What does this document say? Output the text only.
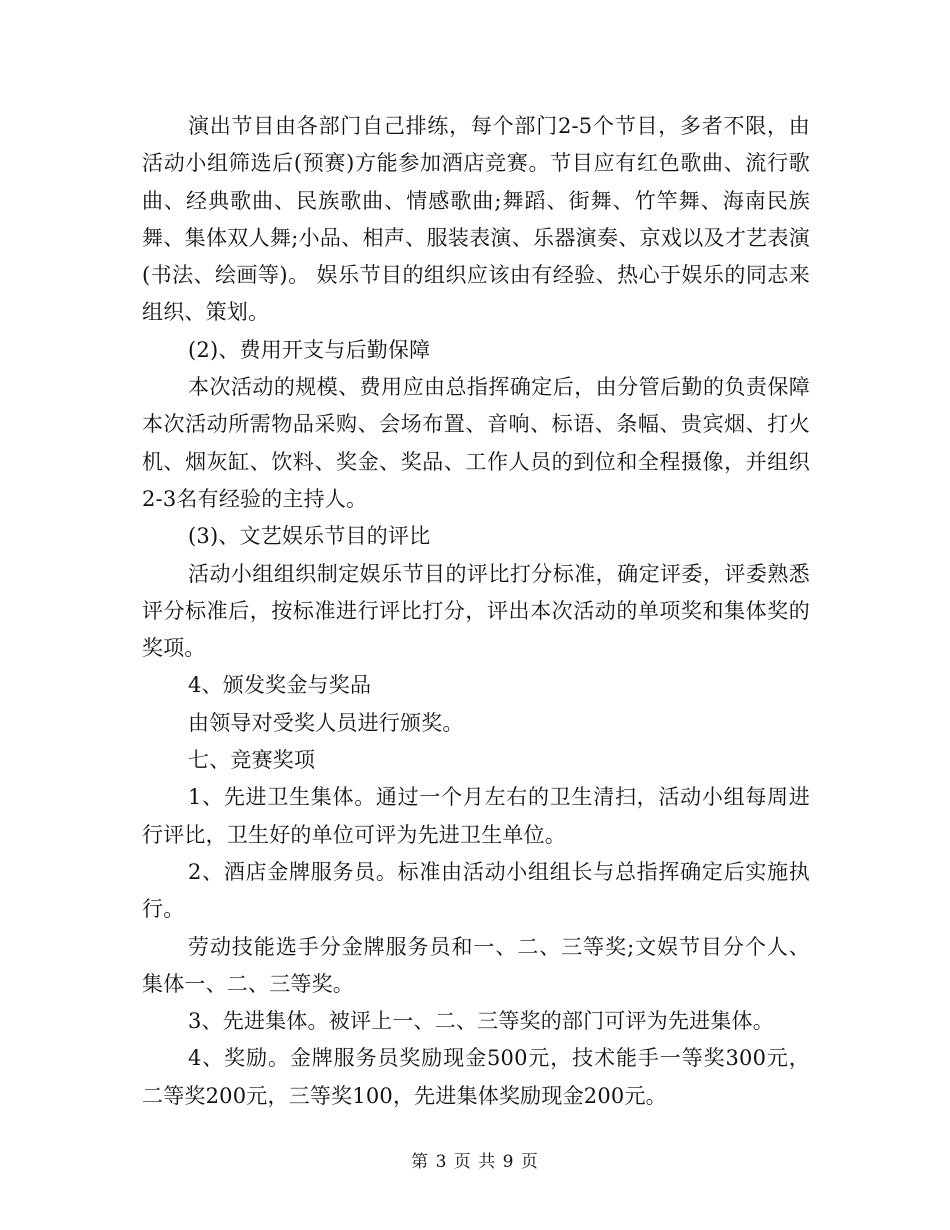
演出节目由各部门自己排练，每个部门2-5个节目，多者不限，由活动小组筛选后(预赛)方能参加酒店竞赛。节目应有红色歌曲、流行歌曲、经典歌曲、民族歌曲、情感歌曲;舞蹈、街舞、竹竿舞、海南民族舞、集体双人舞;小品、相声、服装表演、乐器演奏、京戏以及才艺表演(书法、绘画等)。 娱乐节目的组织应该由有经验、热心于娱乐的同志来组织、策划。

(2)、费用开支与后勤保障

本次活动的规模、费用应由总指挥确定后，由分管后勤的负责保障本次活动所需物品采购、会场布置、音响、标语、条幅、贵宾烟、打火机、烟灰缸、饮料、奖金、奖品、工作人员的到位和全程摄像，并组织2-3名有经验的主持人。

(3)、文艺娱乐节目的评比

活动小组组织制定娱乐节目的评比打分标准，确定评委，评委熟悉评分标准后，按标准进行评比打分，评出本次活动的单项奖和集体奖的奖项。

4、颁发奖金与奖品

由领导对受奖人员进行颁奖。

七、竞赛奖项

1、先进卫生集体。通过一个月左右的卫生清扫，活动小组每周进行评比，卫生好的单位可评为先进卫生单位。

2、酒店金牌服务员。标准由活动小组组长与总指挥确定后实施执行。

劳动技能选手分金牌服务员和一、二、三等奖;文娱节目分个人、集体一、二、三等奖。

3、先进集体。被评上一、二、三等奖的部门可评为先进集体。

4、奖励。金牌服务员奖励现金500元，技术能手一等奖300元，二等奖200元，三等奖100，先进集体奖励现金200元。

第 3 页 共 9 页
